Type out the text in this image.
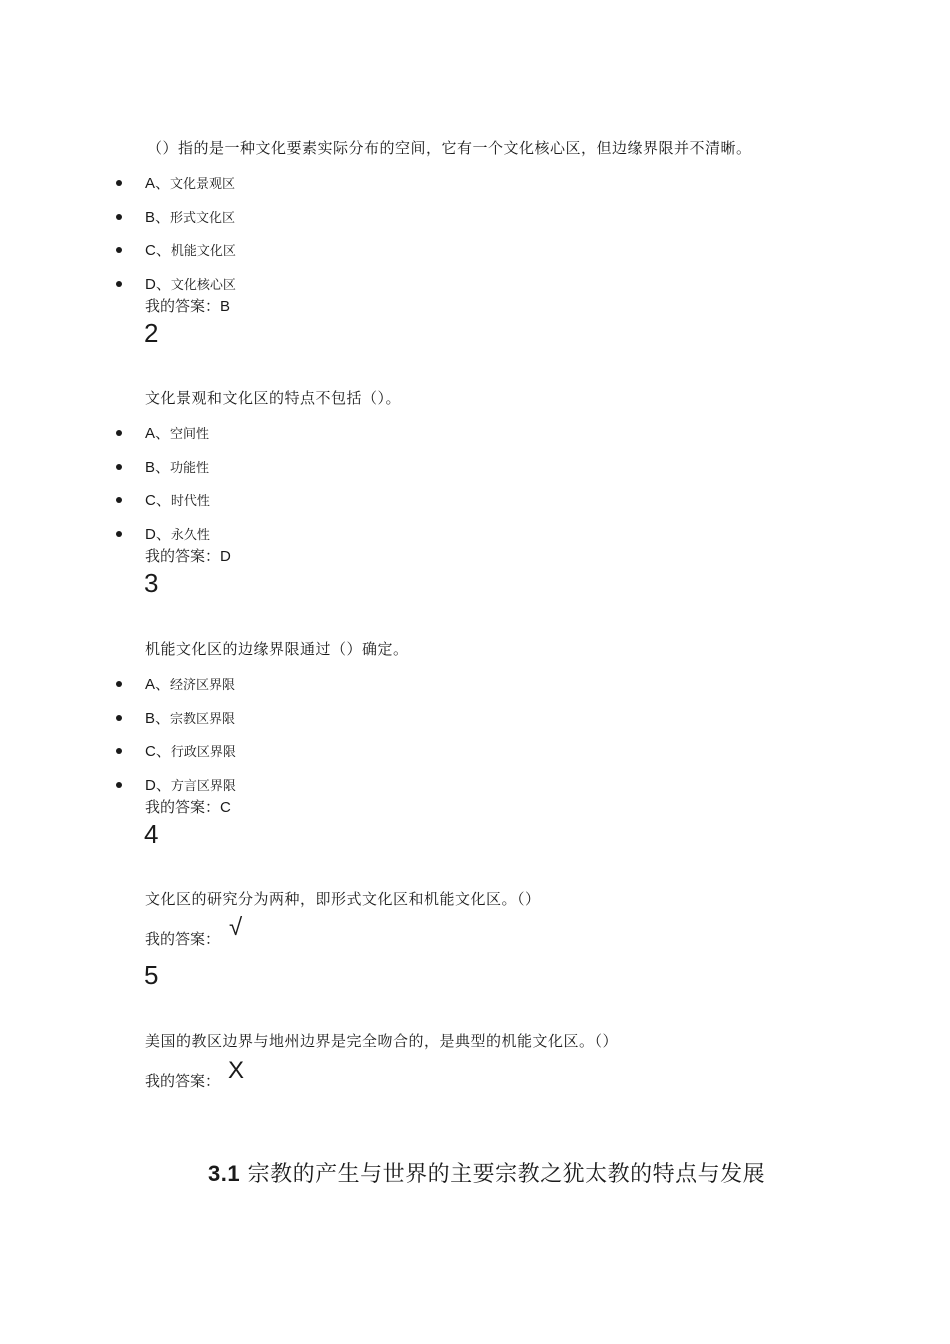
（）指的是一种文化要素实际分布的空间，它有一个文化核心区，但边缘界限并不清晰。
A、文化景观区
B、形式文化区
C、机能文化区
D、文化核心区
我的答案：B
2
文化景观和文化区的特点不包括（）。
A、空间性
B、功能性
C、时代性
D、永久性
我的答案：D
3
机能文化区的边缘界限通过（）确定。
A、经济区界限
B、宗教区界限
C、行政区界限
D、方言区界限
我的答案：C
4
文化区的研究分为两种，即形式文化区和机能文化区。（）
我的答案： √
5
美国的教区边界与地州边界是完全吻合的，是典型的机能文化区。（）
我的答案： X
3.1 宗教的产生与世界的主要宗教之犹太教的特点与发展
